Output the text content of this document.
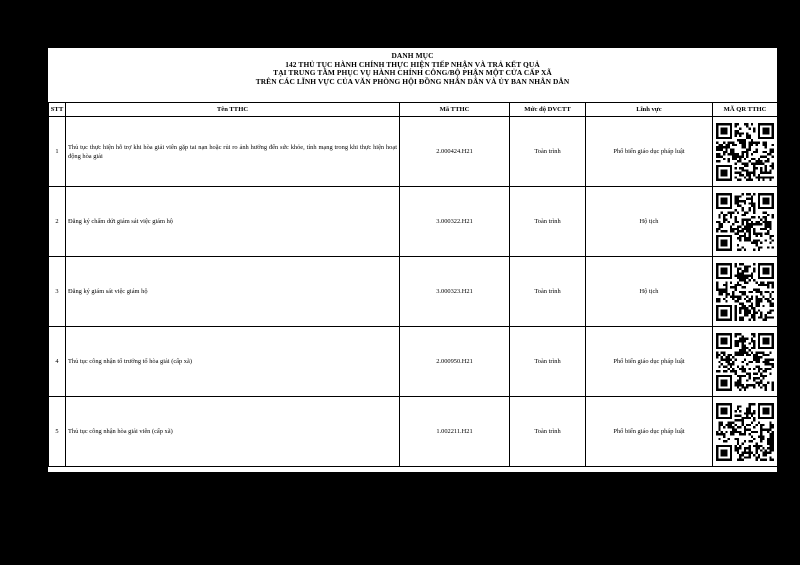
DANH MỤC
142 THỦ TỤC HÀNH CHÍNH THỰC HIỆN TIẾP NHẬN VÀ TRẢ KẾT QUẢ
TẠI TRUNG TÂM PHỤC VỤ HÀNH CHÍNH CÔNG/BỘ PHẬN MỘT CỬA CẤP XÃ
TRÊN CÁC LĨNH VỰC CỦA VĂN PHÒNG HỘI ĐỒNG NHÂN DÂN VÀ ỦY BAN NHÂN DÂN
STT	Tên TTHC	Mã TTHC	Mức độ DVCTT	Lĩnh vực	MÃ QR TTHC
1	Thủ tục thực hiện hỗ trợ khi hòa giải viên gặp tai nạn hoặc rủi ro ảnh hưởng đến sức khỏe, tính mạng trong khi thực hiện hoạt động hòa giải	2.000424.H21	Toàn trình	Phổ biến giáo dục pháp luật	

2	Đăng ký chấm dứt giám sát việc giám hộ	3.000322.H21	Toàn trình	Hộ tịch	

3	Đăng ký giám sát việc giám hộ	3.000323.H21	Toàn trình	Hộ tịch	

4	Thủ tục công nhận tổ trưởng tổ hòa giải (cấp xã)	2.000950.H21	Toàn trình	Phổ biến giáo dục pháp luật	

5	Thủ tục công nhận hòa giải viên (cấp xã)	1.002211.H21	Toàn trình	Phổ biến giáo dục pháp luật	
